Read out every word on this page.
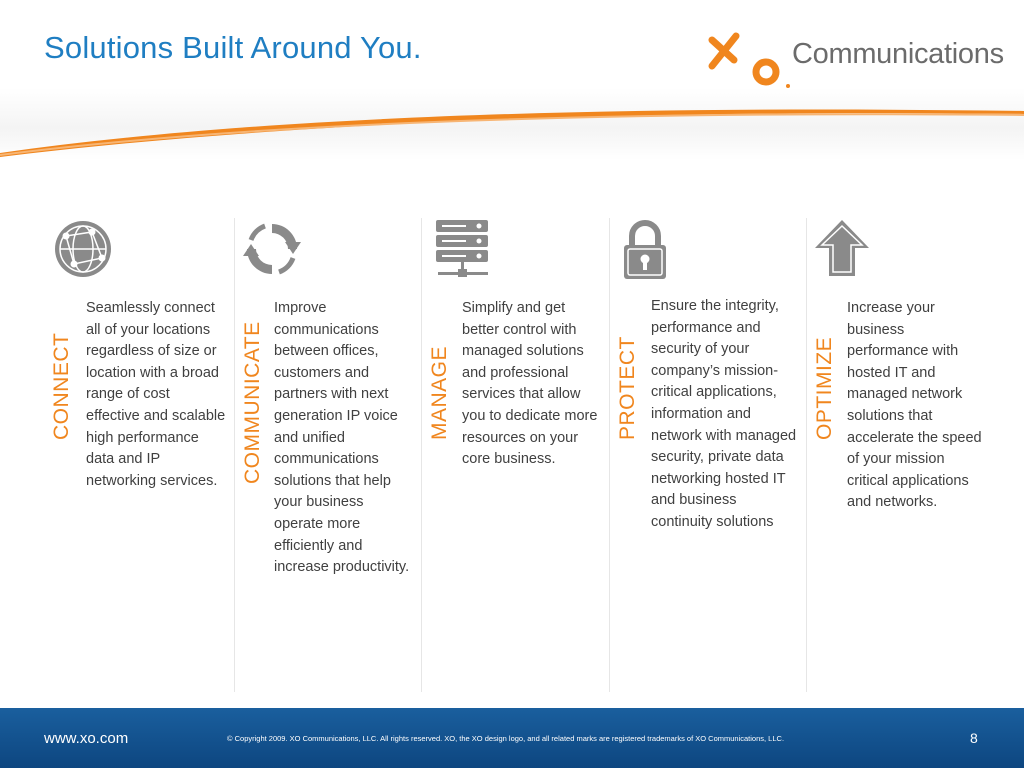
Solutions Built Around You.	Communications
CONNECT

Seamlessly connect all of your locations regardless of size or location with a broad range of cost effective and scalable high performance data and IP networking services.	COMMUNICATE

Improve communications between offices, customers and partners with next generation IP voice and unified communications solutions that help your business operate more efficiently and increase productivity.

MANAGE

Simplify and get better control with managed solutions and professional services that allow you to dedicate more resources on your core business.

PROTECT

Ensure the integrity, performance and security of your company’s mission-critical applications, information and network with managed security, private data networking hosted IT and business continuity solutions

OPTIMIZE

Increase your business performance with hosted IT and managed network solutions that accelerate the speed of your mission critical applications and networks.

www.xo.com	© Copyright 2009. XO Communications, LLC. All rights reserved. XO, the XO design logo, and all related marks are registered trademarks of XO Communications, LLC.	8
